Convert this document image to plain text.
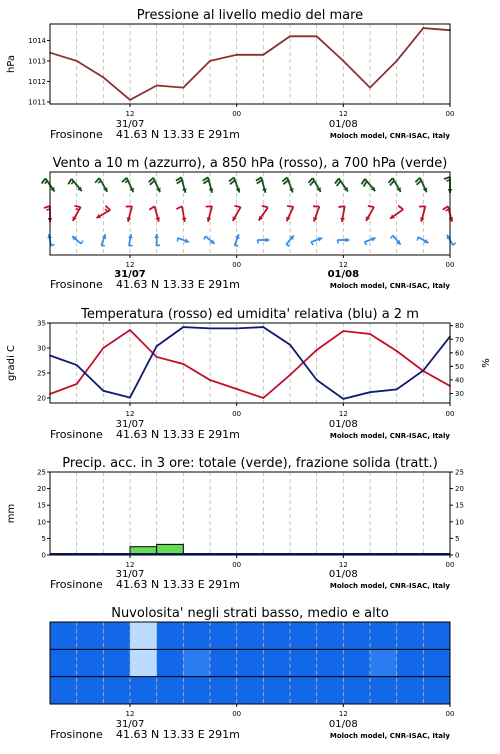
Pressione al livello medio del mare
12	00	12	00
31/07	01/08
Frosinone 41.63 N 13.33 E 291m	Moloch model, CNR-ISAC, Italy
1011
1012
1013
1014
hPa
Vento a 10 m (azzurro), a 850 hPa (rosso), a 700 hPa (verde)
12	00	12	00
31/07	01/08
Frosinone 41.63 N 13.33 E 291m	Moloch model, CNR-ISAC, Italy
Temperatura (rosso) ed umidita' relativa (blu) a 2 m
12	00	12	00
31/07	01/08
Frosinone 41.63 N 13.33 E 291m	Moloch model, CNR-ISAC, Italy
20
25
30
35
30
40
50
60
70
80
gradi C	%
Precip. acc. in 3 ore: totale (verde), frazione solida (tratt.)
12	00	12	00
31/07	01/08
Frosinone 41.63 N 13.33 E 291m	Moloch model, CNR-ISAC, Italy
0	0
5	5
10	10
15	15
20	20
25	25
mm
Nuvolosita' negli strati basso, medio e alto
12	00	12	00
31/07	01/08
Frosinone 41.63 N 13.33 E 291m	Moloch model, CNR-ISAC, Italy
